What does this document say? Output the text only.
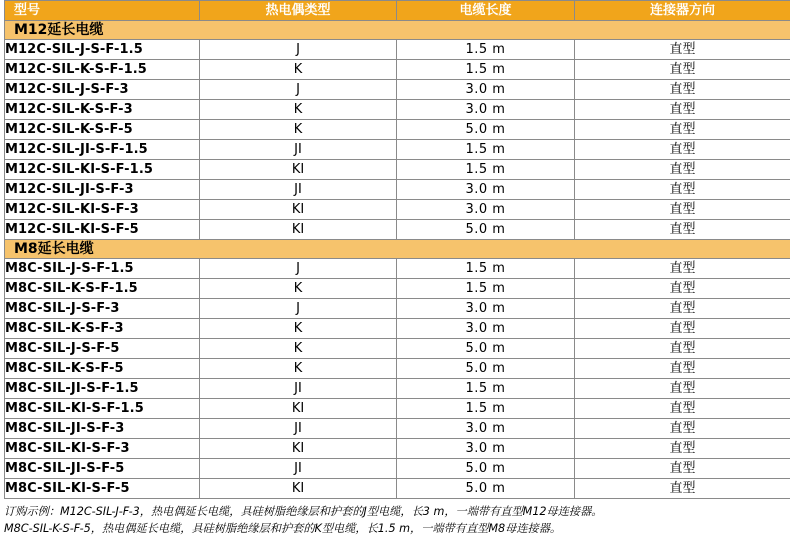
型号	热电偶类型	电缆长度	连接器方向
M12延长电缆			
M12C-SIL-J-S-F-1.5	J	1.5 m	直型
M12C-SIL-K-S-F-1.5	K	1.5 m	直型
M12C-SIL-J-S-F-3	J	3.0 m	直型
M12C-SIL-K-S-F-3	K	3.0 m	直型
M12C-SIL-K-S-F-5	K	5.0 m	直型
M12C-SIL-JI-S-F-1.5	JI	1.5 m	直型
M12C-SIL-KI-S-F-1.5	KI	1.5 m	直型
M12C-SIL-JI-S-F-3	JI	3.0 m	直型
M12C-SIL-KI-S-F-3	KI	3.0 m	直型
M12C-SIL-KI-S-F-5	KI	5.0 m	直型
M8延长电缆			
M8C-SIL-J-S-F-1.5	J	1.5 m	直型
M8C-SIL-K-S-F-1.5	K	1.5 m	直型
M8C-SIL-J-S-F-3	J	3.0 m	直型
M8C-SIL-K-S-F-3	K	3.0 m	直型
M8C-SIL-J-S-F-5	K	5.0 m	直型
M8C-SIL-K-S-F-5	K	5.0 m	直型
M8C-SIL-JI-S-F-1.5	JI	1.5 m	直型
M8C-SIL-KI-S-F-1.5	KI	1.5 m	直型
M8C-SIL-JI-S-F-3	JI	3.0 m	直型
M8C-SIL-KI-S-F-3	KI	3.0 m	直型
M8C-SIL-JI-S-F-5	JI	5.0 m	直型
M8C-SIL-KI-S-F-5	KI	5.0 m	直型
订购示例：M12C-SIL-J-F-3，热电偶延长电缆，具硅树脂绝缘层和护套的J型电缆，长3 m，一端带有直型M12母连接器。
M8C-SIL-K-S-F-5，热电偶延长电缆，具硅树脂绝缘层和护套的K型电缆，长1.5 m，一端带有直型M8母连接器。
